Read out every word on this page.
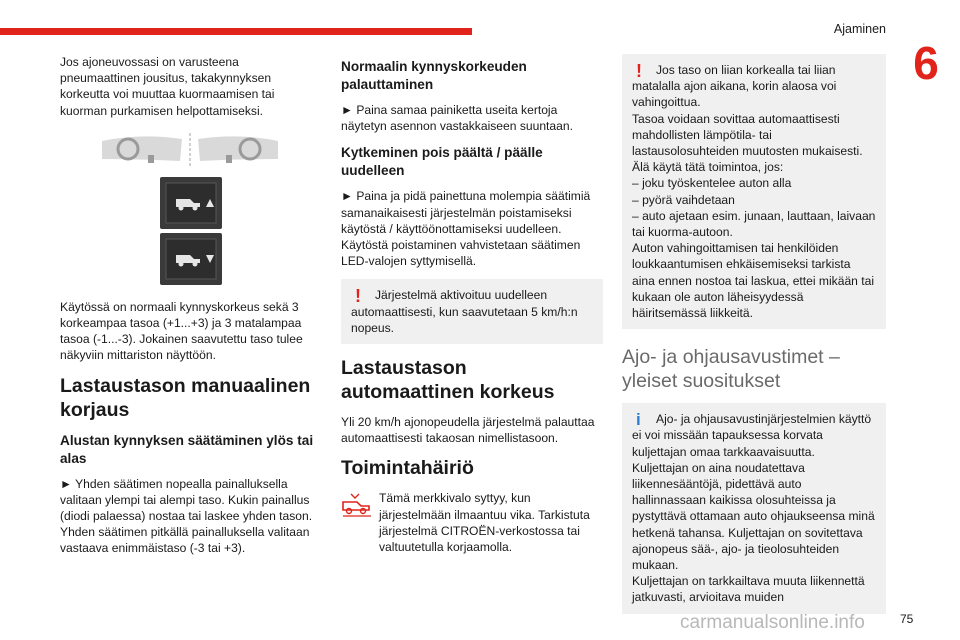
Ajaminen
6

Jos ajoneuvossasi on varusteena pneumaattinen jousitus, takakynnyksen korkeutta voi muuttaa kuormaamisen tai kuorman purkamisen helpottamiseksi.

Käytössä on normaali kynnyskorkeus sekä 3 korkeampaa tasoa (+1...+3) ja 3 matalampaa tasoa (-1...-3). Jokainen saavutettu taso tulee näkyviin mittariston näyttöön.

Lastaustason manuaalinen korjaus
Alustan kynnyksen säätäminen ylös tai alas

► Yhden säätimen nopealla painalluksella valitaan ylempi tai alempi taso. Kukin painallus (diodi palaessa) nostaa tai laskee yhden tason. Yhden säätimen pitkällä painalluksella valitaan vastaava enimmäistaso (-3 tai +3).

Normaalin kynnyskorkeuden palauttaminen

► Paina samaa painiketta useita kertoja näytetyn asennon vastakkaiseen suuntaan.

Kytkeminen pois päältä / päälle uudelleen

► Paina ja pidä painettuna molempia säätimiä samanaikaisesti järjestelmän poistamiseksi käytöstä / käyttöönottamiseksi uudelleen. Käytöstä poistaminen vahvistetaan säätimen LED-valojen syttymisellä.

! Järjestelmä aktivoituu uudelleen automaattisesti, kun saavutetaan 5 km/h:n nopeus.

Lastaustason automaattinen korkeus

Yli 20 km/h ajonopeudella järjestelmä palauttaa automaattisesti takaosan nimellistasoon.

Toimintahäiriö

Tämä merkkivalo syttyy, kun järjestelmään ilmaantuu vika. Tarkistuta järjestelmä CITROËN-verkostossa tai valtuutetulla korjaamolla.

! Jos taso on liian korkealla tai liian matalalla ajon aikana, korin alaosa voi vahingoittua.
Tasoa voidaan sovittaa automaattisesti mahdollisten lämpötila- tai lastausolosuhteiden muutosten mukaisesti.
Älä käytä tätä toimintoa, jos:
– joku työskentelee auton alla
– pyörä vaihdetaan
– auto ajetaan esim. junaan, lauttaan, laivaan tai kuorma-autoon.
Auton vahingoittamisen tai henkilöiden loukkaantumisen ehkäisemiseksi tarkista aina ennen nostoa tai laskua, ettei mikään tai kukaan ole auton läheisyydessä häiritsemässä liikkeitä.

Ajo- ja ohjausavustimet – yleiset suositukset

i Ajo- ja ohjausavustinjärjestelmien käyttö ei voi missään tapauksessa korvata kuljettajan omaa tarkkaavaisuutta.
Kuljettajan on aina noudatettava liikennesääntöjä, pidettävä auto hallinnassaan kaikissa olosuhteissa ja pystyttävä ottamaan auto ohjaukseensa minä hetkenä tahansa. Kuljettajan on sovitettava ajonopeus sää-, ajo- ja tieolosuhteiden mukaan.
Kuljettajan on tarkkailtava muuta liikennettä jatkuvasti, arvioitava muiden

carmanualsonline.info	75
